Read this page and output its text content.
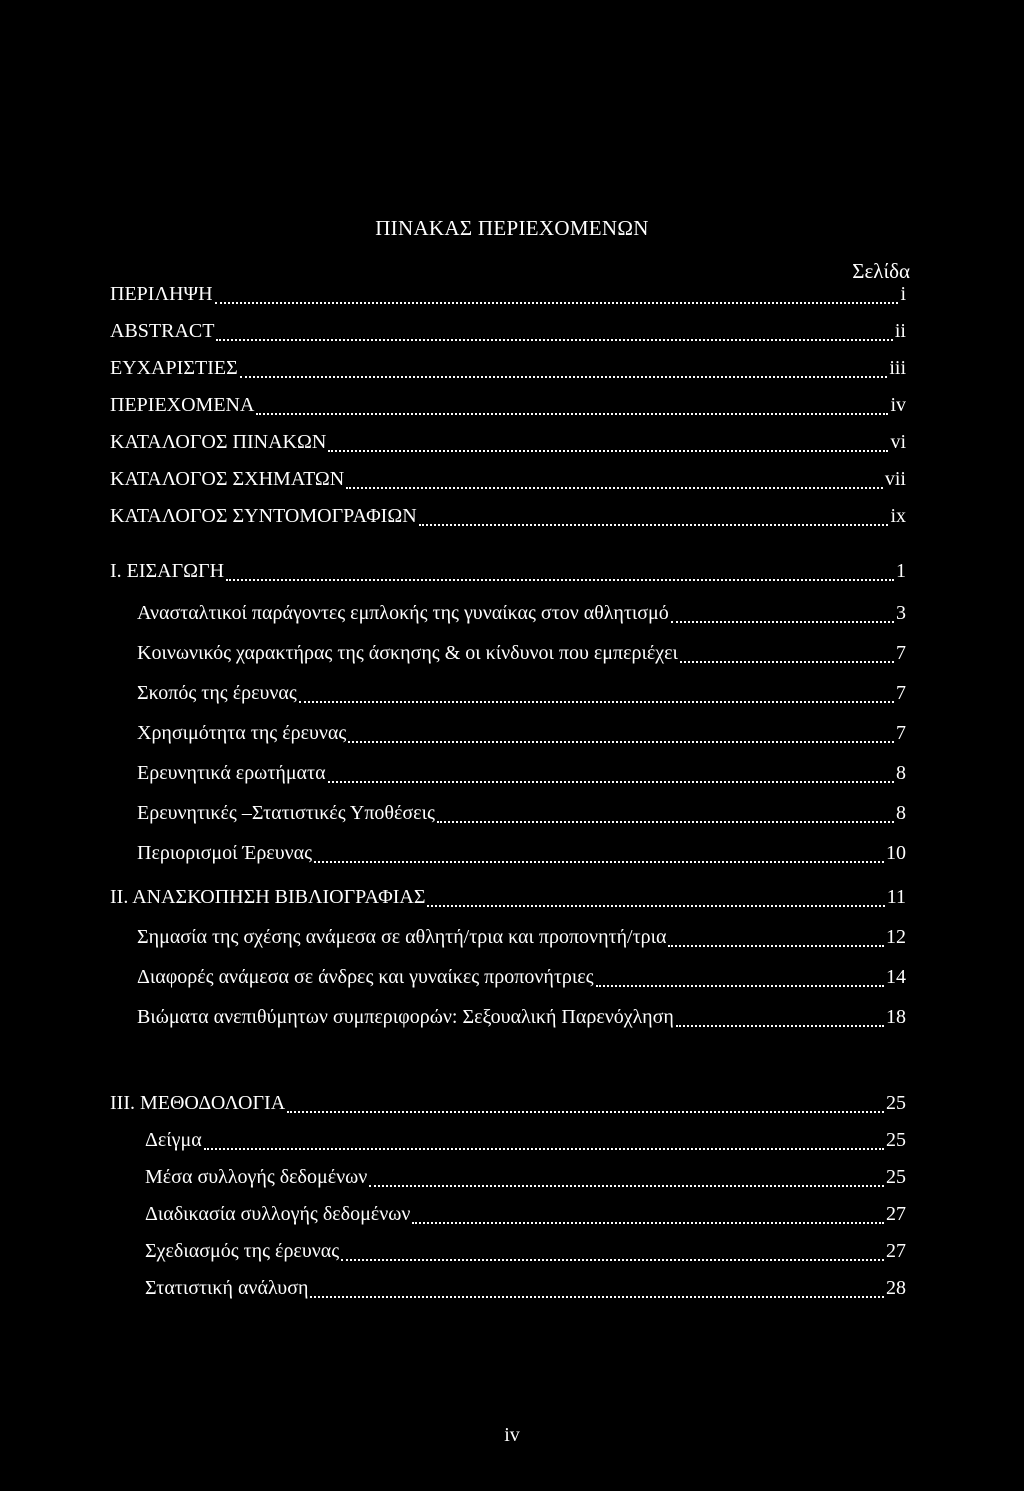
ΠΙΝΑΚΑΣ ΠΕΡΙΕΧΟΜΕΝΩΝ
Σελίδα
ΠΕΡΙΛΗΨΗ	i
ABSTRACT	ii
ΕΥΧΑΡΙΣΤΙΕΣ	iii
ΠΕΡΙΕΧΟΜΕΝΑ	iv
ΚΑΤΑΛΟΓΟΣ ΠΙΝΑΚΩΝ	vi
ΚΑΤΑΛΟΓΟΣ ΣΧΗΜΑΤΩΝ	vii
ΚΑΤΑΛΟΓΟΣ ΣΥΝΤΟΜΟΓΡΑΦΙΩΝ	ix
Ι. ΕΙΣΑΓΩΓΗ	1
Ανασταλτικοί παράγοντες εμπλοκής της γυναίκας στον αθλητισμό	3
Κοινωνικός χαρακτήρας της άσκησης & οι κίνδυνοι που εμπεριέχει	7
Σκοπός της έρευνας	7
Χρησιμότητα της έρευνας	7
Ερευνητικά ερωτήματα	8
Ερευνητικές –Στατιστικές Υποθέσεις	8
Περιορισμοί Έρευνας	10
ΙΙ. ΑΝΑΣΚΟΠΗΣΗ ΒΙΒΛΙΟΓΡΑΦΙΑΣ	11
Σημασία της σχέσης ανάμεσα σε αθλητή/τρια και προπονητή/τρια	12
Διαφορές ανάμεσα σε άνδρες και γυναίκες προπονήτριες	14
Βιώματα ανεπιθύμητων συμπεριφορών: Σεξουαλική Παρενόχληση	18
ΙΙΙ. ΜΕΘΟΔΟΛΟΓΙΑ	25
Δείγμα	25
Μέσα συλλογής δεδομένων	25
Διαδικασία συλλογής δεδομένων	27
Σχεδιασμός της έρευνας	27
Στατιστική ανάλυση	28
iv
